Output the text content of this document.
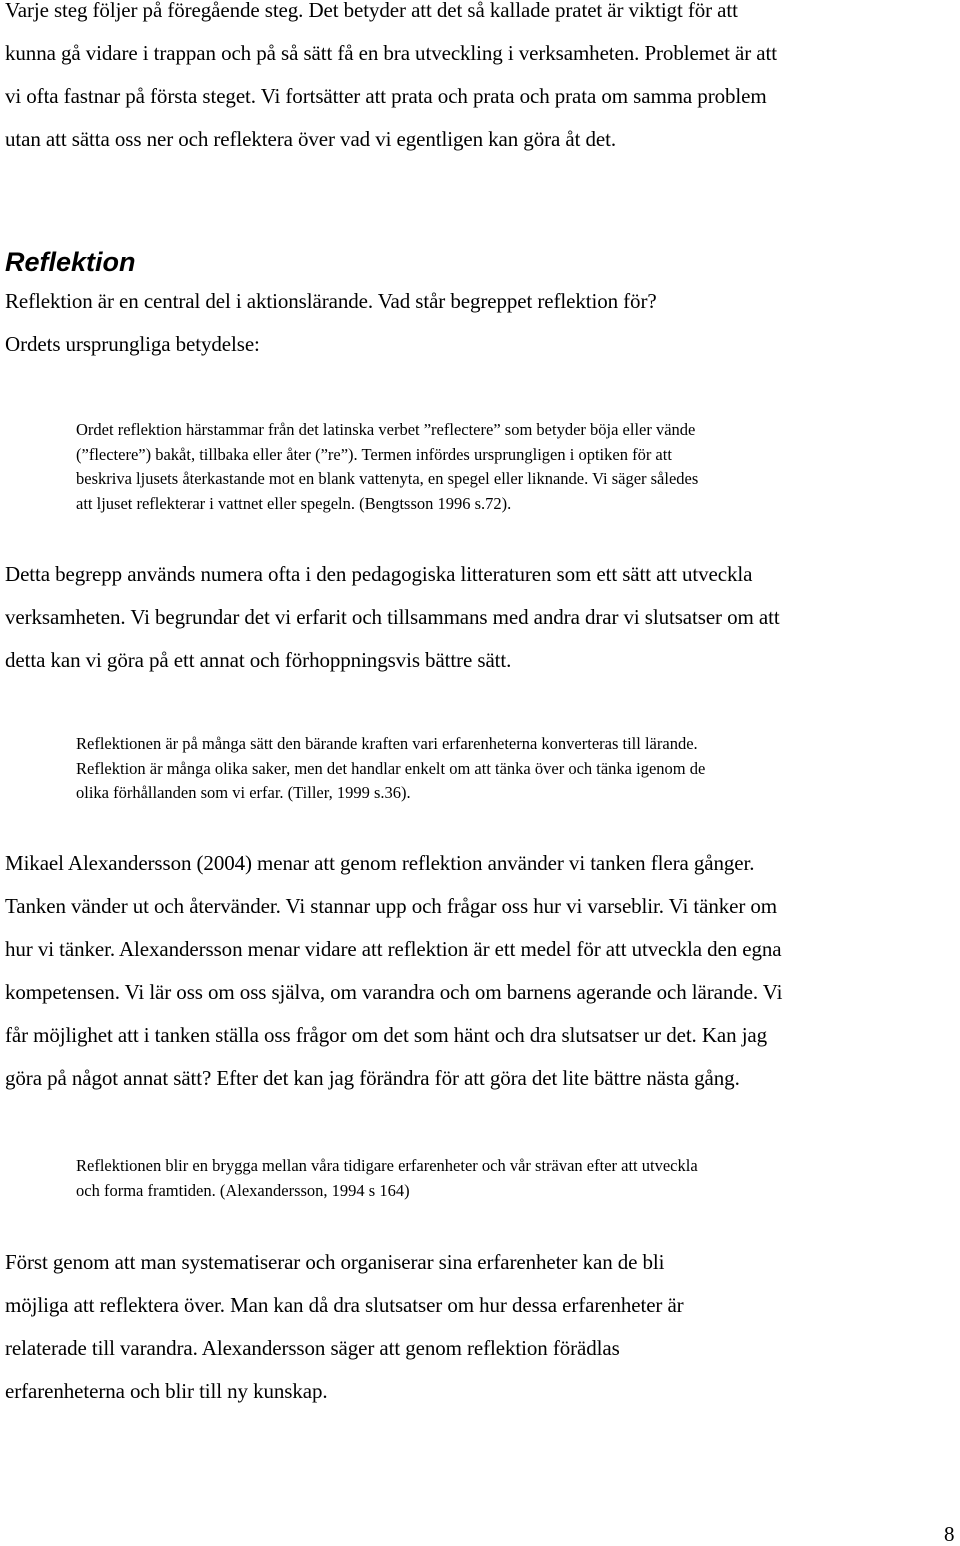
Varje steg följer på föregående steg. Det betyder att det så kallade pratet är viktigt för att
kunna gå vidare i trappan och på så sätt få en bra utveckling i verksamheten. Problemet är att
vi ofta fastnar på första steget. Vi fortsätter att prata och prata och prata om samma problem
utan att sätta oss ner och reflektera över vad vi egentligen kan göra åt det.

Reflektion

Reflektion är en central del i aktionslärande. Vad står begreppet reflektion för?
Ordets ursprungliga betydelse:

Ordet reflektion härstammar från det latinska verbet ”reflectere” som betyder böja eller vände
(”flectere”) bakåt, tillbaka eller åter (”re”). Termen infördes ursprungligen i optiken för att
beskriva ljusets återkastande mot en blank vattenyta, en spegel eller liknande. Vi säger således
att ljuset reflekterar i vattnet eller spegeln. (Bengtsson 1996 s.72).

Detta begrepp används numera ofta i den pedagogiska litteraturen som ett sätt att utveckla
verksamheten. Vi begrundar det vi erfarit och tillsammans med andra drar vi slutsatser om att
detta kan vi göra på ett annat och förhoppningsvis bättre sätt.

Reflektionen är på många sätt den bärande kraften vari erfarenheterna konverteras till lärande.
Reflektion är många olika saker, men det handlar enkelt om att tänka över och tänka igenom de
olika förhållanden som vi erfar. (Tiller, 1999 s.36).

Mikael Alexandersson (2004) menar att genom reflektion använder vi tanken flera gånger.
Tanken vänder ut och återvänder. Vi stannar upp och frågar oss hur vi varseblir. Vi tänker om
hur vi tänker. Alexandersson menar vidare att reflektion är ett medel för att utveckla den egna
kompetensen. Vi lär oss om oss själva, om varandra och om barnens agerande och lärande. Vi
får möjlighet att i tanken ställa oss frågor om det som hänt och dra slutsatser ur det. Kan jag
göra på något annat sätt? Efter det kan jag förändra för att göra det lite bättre nästa gång.

Reflektionen blir en brygga mellan våra tidigare erfarenheter och vår strävan efter att utveckla
och forma framtiden. (Alexandersson, 1994 s 164)

Först genom att man systematiserar och organiserar sina erfarenheter kan de bli
möjliga att reflektera över. Man kan då dra slutsatser om hur dessa erfarenheter är
relaterade till varandra. Alexandersson säger att genom reflektion förädlas
erfarenheterna och blir till ny kunskap.

8
